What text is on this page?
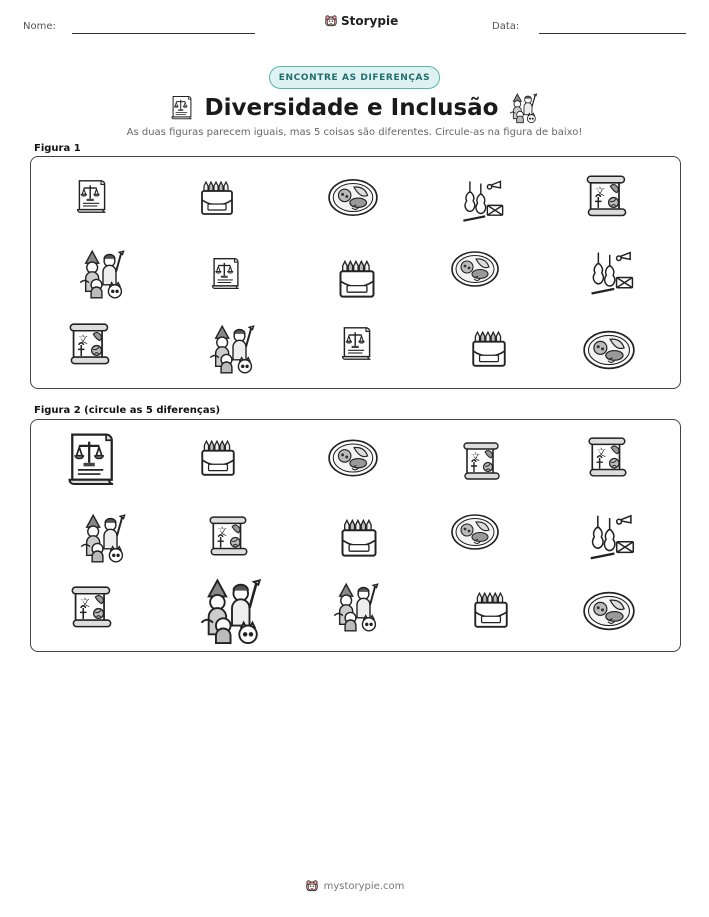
Nome:	Storypie	Data:
ENCONTRE AS DIFERENÇAS
Diversidade e Inclusão
As duas figuras parecem iguais, mas 5 coisas são diferentes. Circule-as na figura de baixo!
Figura 1
Figura 2 (circule as 5 diferenças)
mystorypie.com
